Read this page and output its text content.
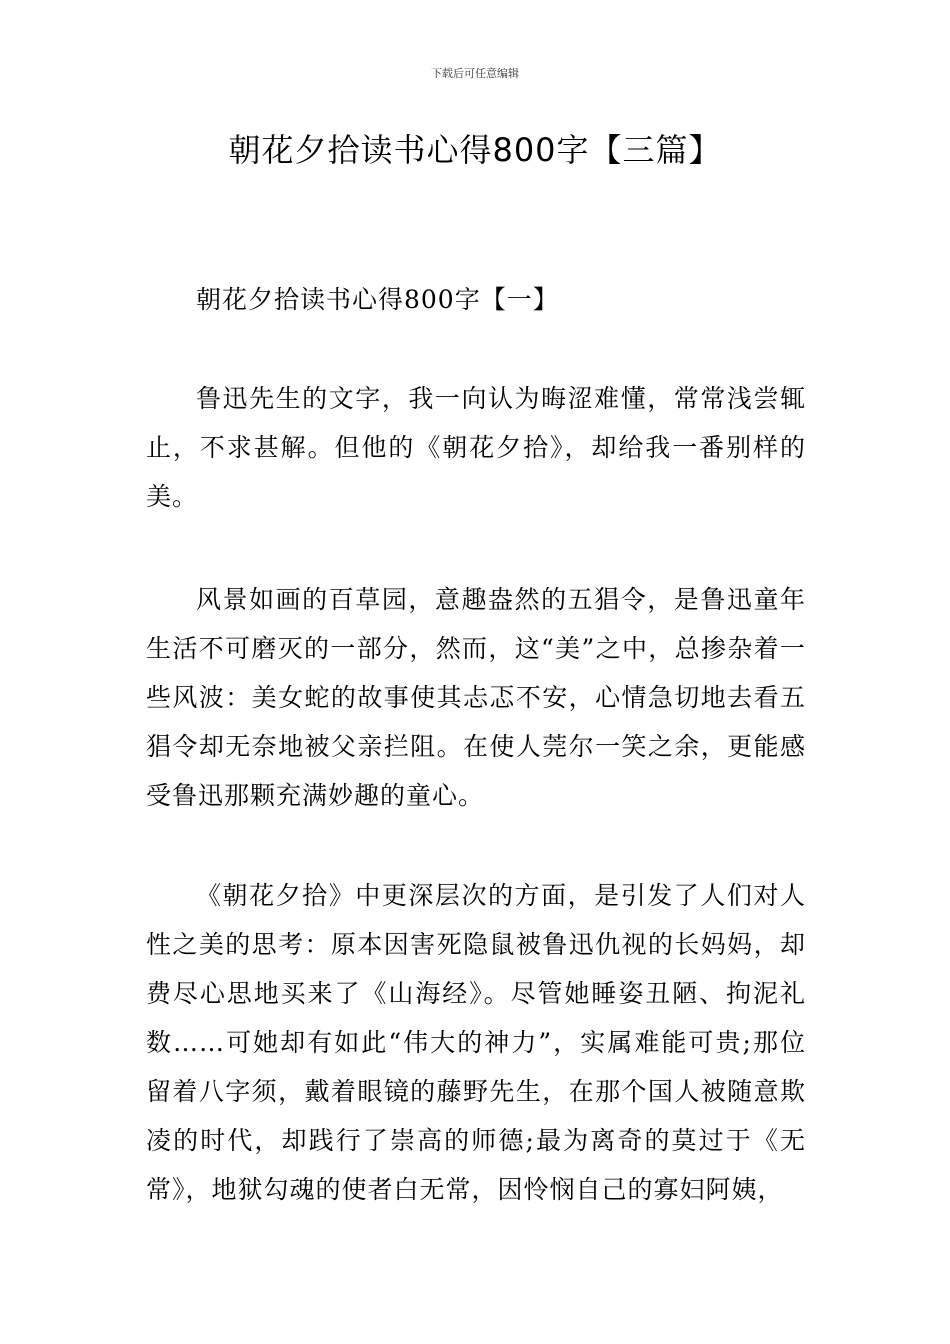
下载后可任意编辑
朝花夕拾读书心得800字【三篇】

朝花夕拾读书心得800字【一】

鲁迅先生的文字，我一向认为晦涩难懂，常常浅尝辄止，不求甚解。但他的《朝花夕拾》，却给我一番别样的美。

风景如画的百草园，意趣盎然的五猖令，是鲁迅童年生活不可磨灭的一部分，然而，这“美”之中，总掺杂着一些风波：美女蛇的故事使其忐忑不安，心情急切地去看五猖令却无奈地被父亲拦阻。在使人莞尔一笑之余，更能感受鲁迅那颗充满妙趣的童心。

《朝花夕拾》中更深层次的方面，是引发了人们对人性之美的思考：原本因害死隐鼠被鲁迅仇视的长妈妈，却费尽心思地买来了《山海经》。尽管她睡姿丑陋、拘泥礼数……可她却有如此“伟大的神力”，实属难能可贵;那位留着八字须，戴着眼镜的藤野先生，在那个国人被随意欺凌的时代，却践行了崇高的师德;最为离奇的莫过于《无常》，地狱勾魂的使者白无常，因怜悯自己的寡妇阿姨，
